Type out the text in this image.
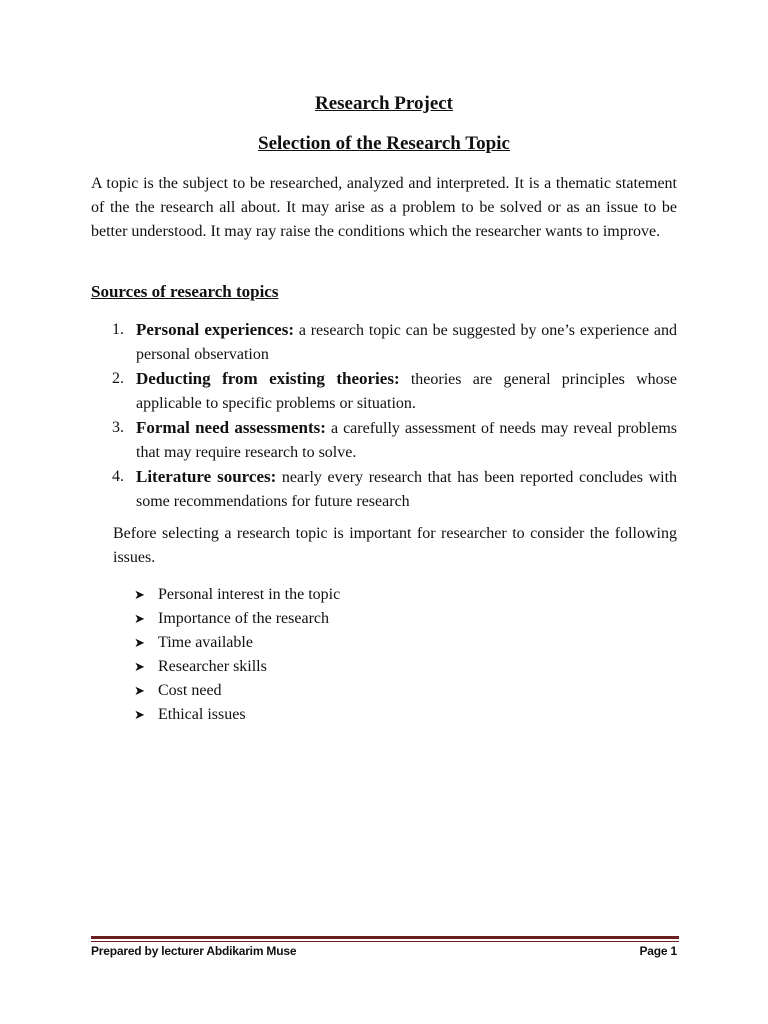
Research Project
Selection of the Research Topic

A topic is the subject to be researched, analyzed and interpreted. It is a thematic statement of the the research all about. It may arise as a problem to be solved or as an issue to be better understood. It may ray raise the conditions which the researcher wants to improve.

Sources of research topics
1. Personal experiences: a research topic can be suggested by one’s experience and personal observation
2. Deducting from existing theories: theories are general principles whose applicable to specific problems or situation.
3. Formal need assessments: a carefully assessment of needs may reveal problems that may require research to solve.
4. Literature sources: nearly every research that has been reported concludes with some recommendations for future research

Before selecting a research topic is important for researcher to consider the following issues.

➤ Personal interest in the topic
➤ Importance of the research
➤ Time available
➤ Researcher skills
➤ Cost need
➤ Ethical issues
Prepared by lecturer Abdikarim Muse	Page 1
